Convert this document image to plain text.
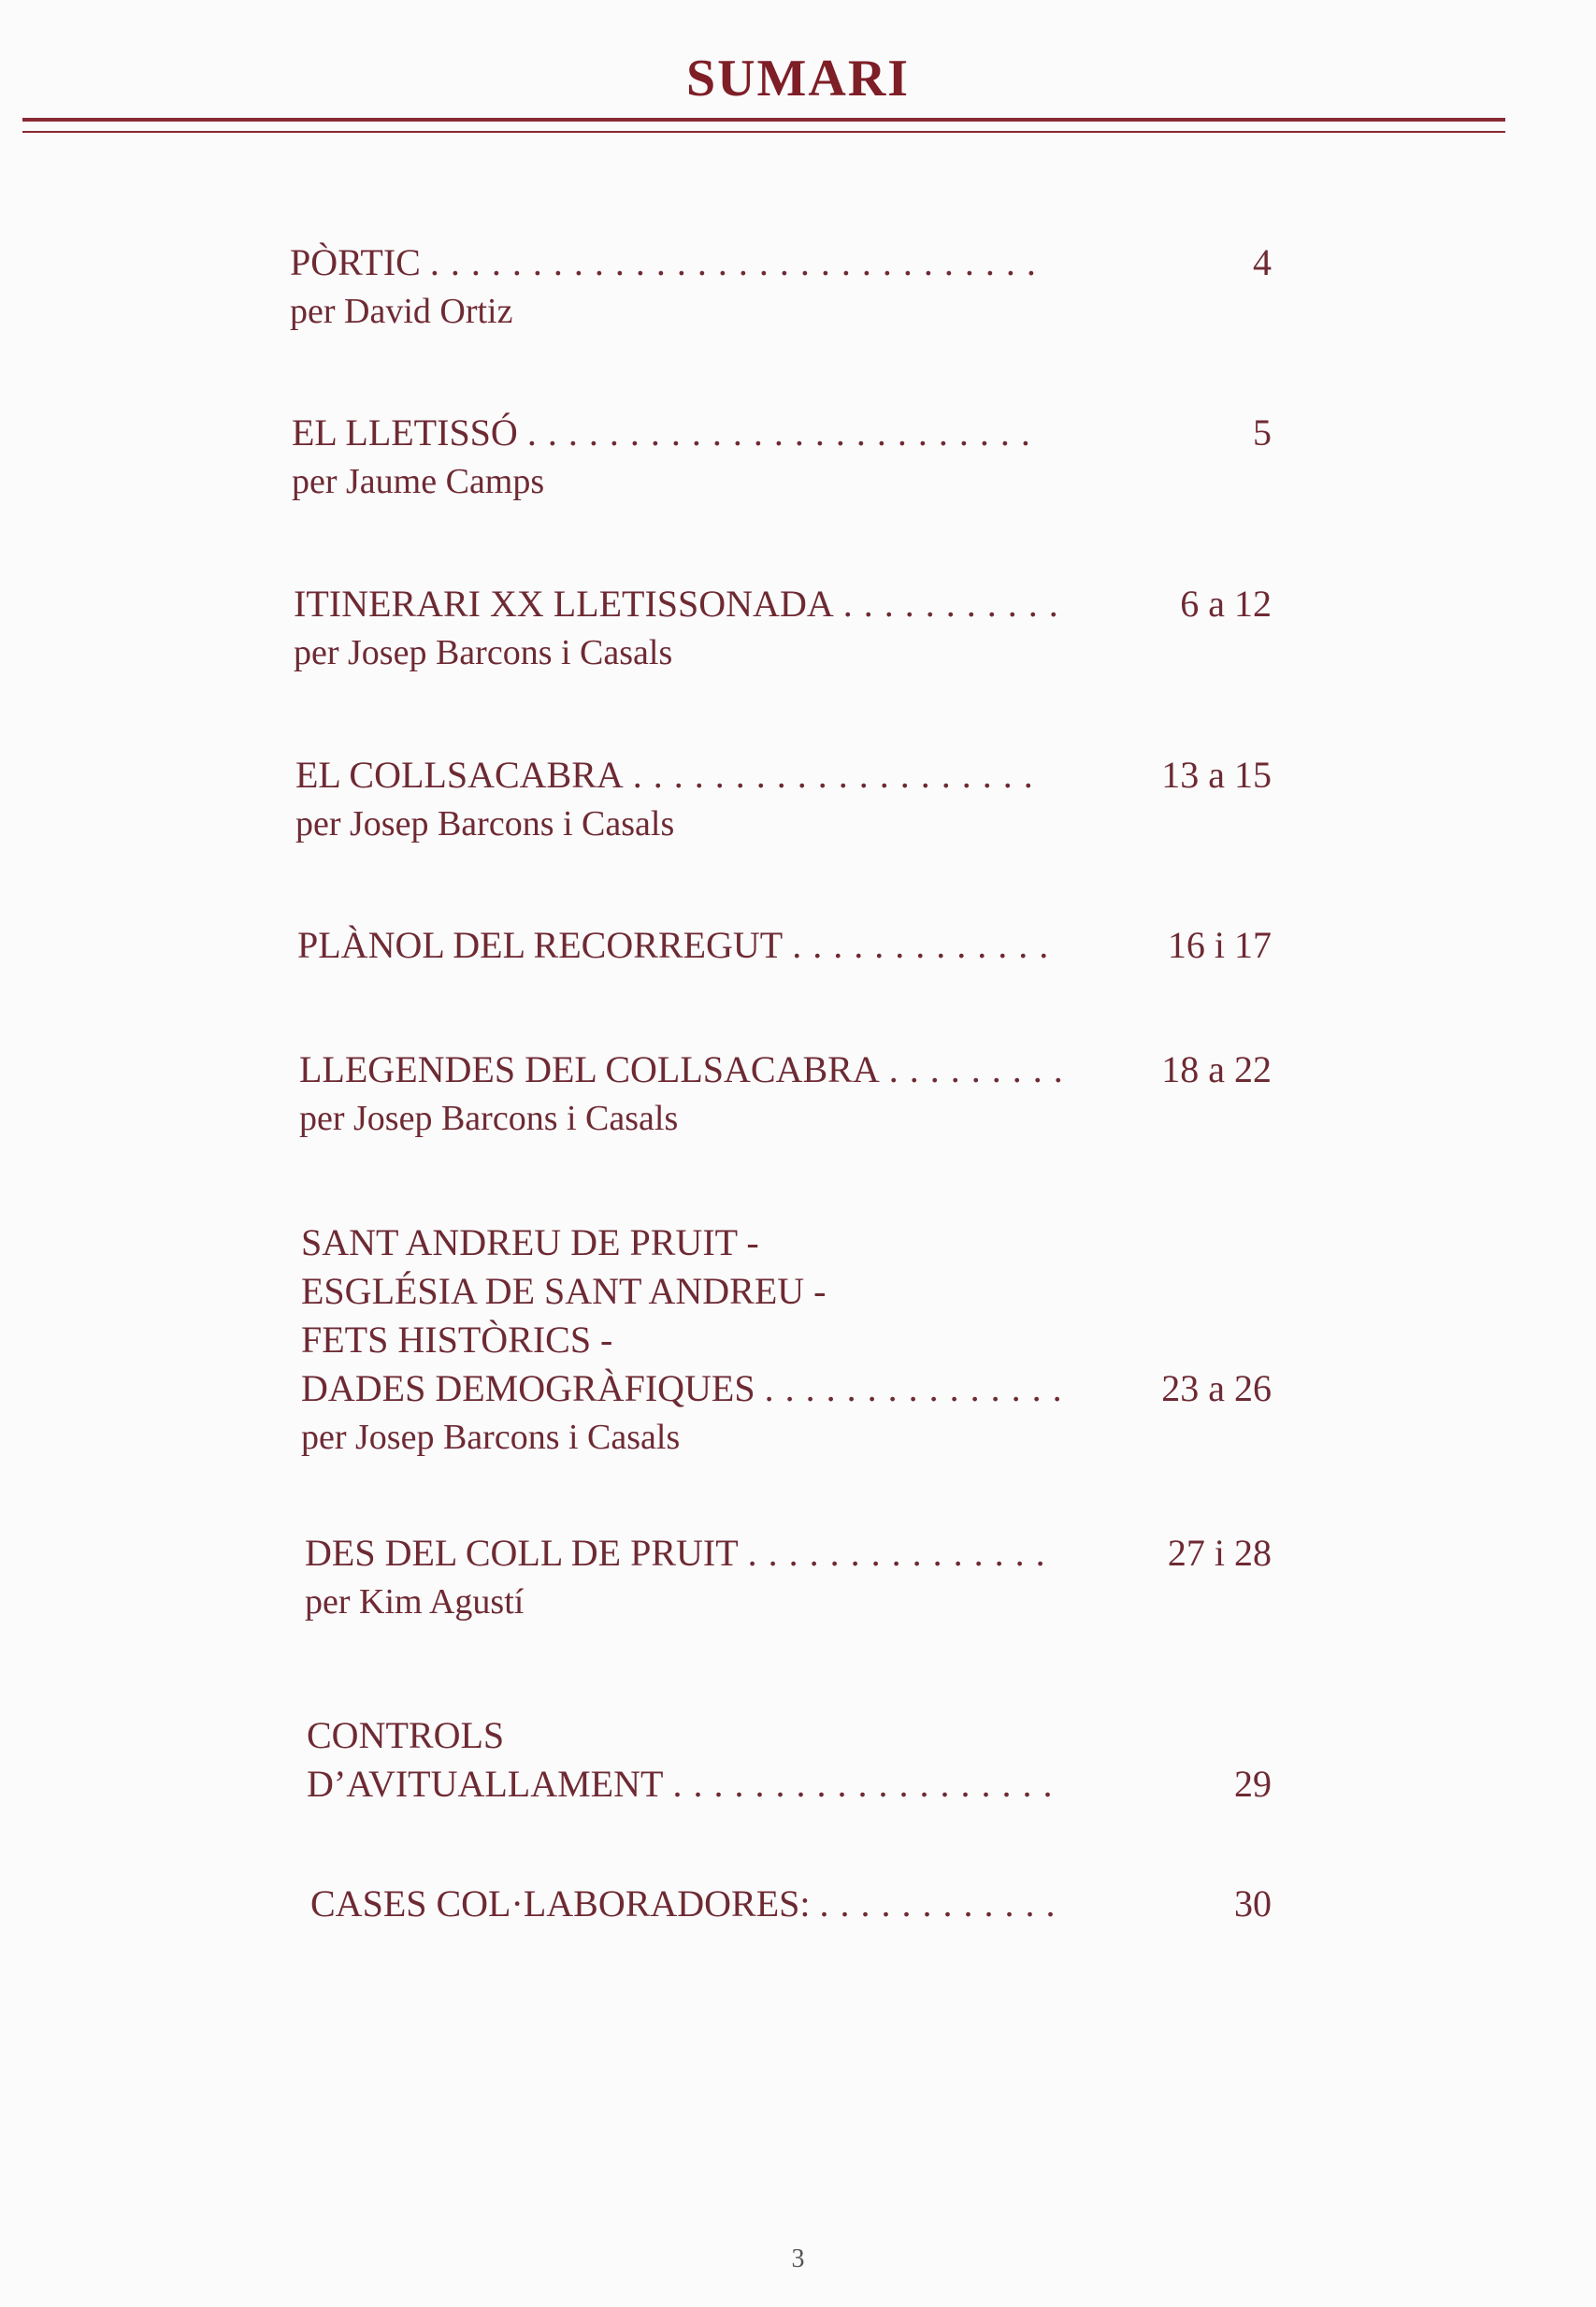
SUMARI
PÒRTIC ..............................	4
per David Ortiz
EL LLETISSÓ .........................	5
per Jaume Camps
ITINERARI XX LLETISSONADA ...........	6 a 12
per Josep Barcons i Casals
EL COLLSACABRA ....................	13 a 15
per Josep Barcons i Casals
PLÀNOL DEL RECORREGUT .............	16 i 17
LLEGENDES DEL COLLSACABRA ......... 18 a 22
per Josep Barcons i Casals
SANT ANDREU DE PRUIT -
ESGLÉSIA DE SANT ANDREU -
FETS HISTÒRICS -
DADES DEMOGRÀFIQUES ............... 23 a 26
per Josep Barcons i Casals
DES DEL COLL DE PRUIT ...............	27 i 28
per Kim Agustí
CONTROLS
D’AVITUALLAMENT ...................	29
CASES COL·LABORADORES: ............	30
3
